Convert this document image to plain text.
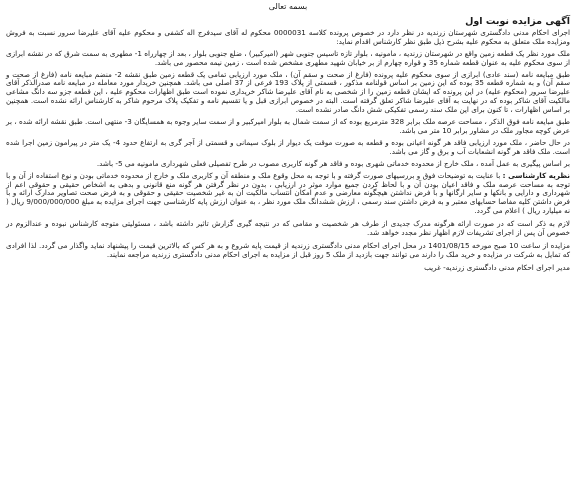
بسمه تعالی
آگهی مزایده نوبت اول

اجرای احکام مدنی دادگستری شهرستان زرندیه در نظر دارد در خصوص پرونده کلاسه 0000031 محکوم له آقای سیدفرج اله کشفی و محکوم علیه آقای علیرضا سرور نسبت به فروش ومزایده ملک متعلق به محکوم علیه بشرح ذیل طبق نظر کارشناس اقدام نماید:

ملک مورد نظر یک قطعه زمین واقع در شهرستان زرندیه ، مامونیه ، بلوار تازه تاسیس جنوبی شهر (امیرکبیر) ، ضلع جنوبی بلوار ، بعد از چهارراه 1- مطهری به سمت شرق که در نقشه ابرازی از سوی محکوم علیه به عنوان قطعه شماره 35 و قواره چهارم از بر خیابان شهید مطهری مشخص شده است ، زمین نیمه محصور می باشد.

طبق مبایعه نامه (سند عادی) ابرازی از سوی محکوم علیه پرونده (فارغ از صحت و سقم آن) ، ملک مورد ارزیابی تمامی یک قطعه زمین طبق نقشه 2- منضم مبایعه نامه (فارغ از صحت و سقم آن) و به شماره قطعه 35 بوده که این زمین بر اساس قولنامه مذکور ، قسمتی از پلاک 193 فرعی از 37 اصلی می باشد. همچنین خریدار مورد معامله در مبایعه نامه صدرالذکر آقای علیرضا سرور (محکوم علیه) در این پرونده که ایشان قطعه زمین را از شخصی به نام آقای علیرضا شاکر خریداری نموده است طبق اظهارات محکوم علیه ، این قطعه جزو سه دانگ مشاعی مالکیت آقای شاکر بوده که در نهایت به آقای علیرضا شاکر تعلق گرفته است. البته در خصوص ابرازی قبل و یا تقسیم نامه و تفکیک پلاک مرحوم شاکر به کارشناس ارائه نشده است. همچنین بر اساس اظهارات ، تا کنون برای این ملک سند رسمی تفکیکی شش دانگ صادر نشده است.

طبق مبایعه نامه فوق الذکر ، مساحت عرصه ملک برابر 328 مترمربع بوده که از سمت شمال به بلوار امیرکبیر و از سمت سایر وجوه به همسایگان 3- منتهی است. طبق نقشه ارائه شده ، بر عرض کوچه مجاور ملک در مشاور برابر 10 متر می باشد.

در حال حاضر ، ملک مورد ارزیابی فاقد هر گونه اعیانی بوده و قطعه به صورت موقت یک دیوار از بلوک سیمانی و قسمتی از آجر گری به ارتفاع حدود 4- یک متر در پیرامون زمین اجرا شده است. ملک فاقد هر گونه انشعابات آب و برق و گاز می باشد.

بر اساس پیگیری به عمل آمده ، ملک خارج از محدوده خدماتی شهری بوده و فاقد هر گونه کاربری مصوب در طرح تفصیلی فعلی شهرداری مامونیه می 5- باشد.

نظریه کارشناسی : با عنایت به توضیحات فوق و بررسیهای صورت گرفته و با توجه به محل وقوع ملک و منطقه آن و کاربری ملک و خارج از محدوده خدماتی بودن و نوع استفاده از آن و با توجه به مساحت عرصه ملک و فاقد اعیان بودن آن و با لحاظ کردن جمیع موارد موثر در ارزیابی ، بدون در نظر گرفتن هر گونه منع قانونی و بدهی به اشخاص حقیقی و حقوقی اعم از شهرداری و دارایی و بانکها و سایر ارگانها و با فرض نداشتن هیچگونه معارضی و عدم امکان انتساب مالکیت آن به غیر شخصیت حقیقی و حقوقی و به فرض صحت تصاویر مدارک ارائه و با فرض داشتن کلیه مفاصا حسابهای معتبر و به فرض داشتن سند رسمی ، ارزش ششدانگ ملک مورد نظر ، به عنوان ارزش پایه کارشناسی جهت اجرای مزایده به مبلغ 9/000/000/000 ریال ( نه میلیارد ریال ) اعلام می گردد.

لازم به ذکر است که در صورت ارائه هرگونه مدرک جدیدی از طرف هر شخصیت و مقامی که در نتیجه گیری گزارش تاثیر داشته باشد ، مسئولیتی متوجه کارشناس نبوده و عندالزوم در خصوص آن پس از اجرای تشریفات لازم اظهار نظر مجدد خواهد شد.

مزایده از ساعت 10 صبح مورخه 1401/08/15 در محل اجرای احکام مدنی دادگستری زرندیه از قیمت پایه شروع و به هر کس که بالاترین قیمت را پیشنهاد نماید واگذار می گردد. لذا افرادی که تمایل به شرکت در مزایده و خرید ملک را دارند می توانند جهت بازدید از ملک 5 روز قبل از مزایده به اجرای احکام مدنی دادگستری زرندیه مراجعه نمایند.

مدیر اجرای احکام مدنی دادگستری زرندیه- غریب
